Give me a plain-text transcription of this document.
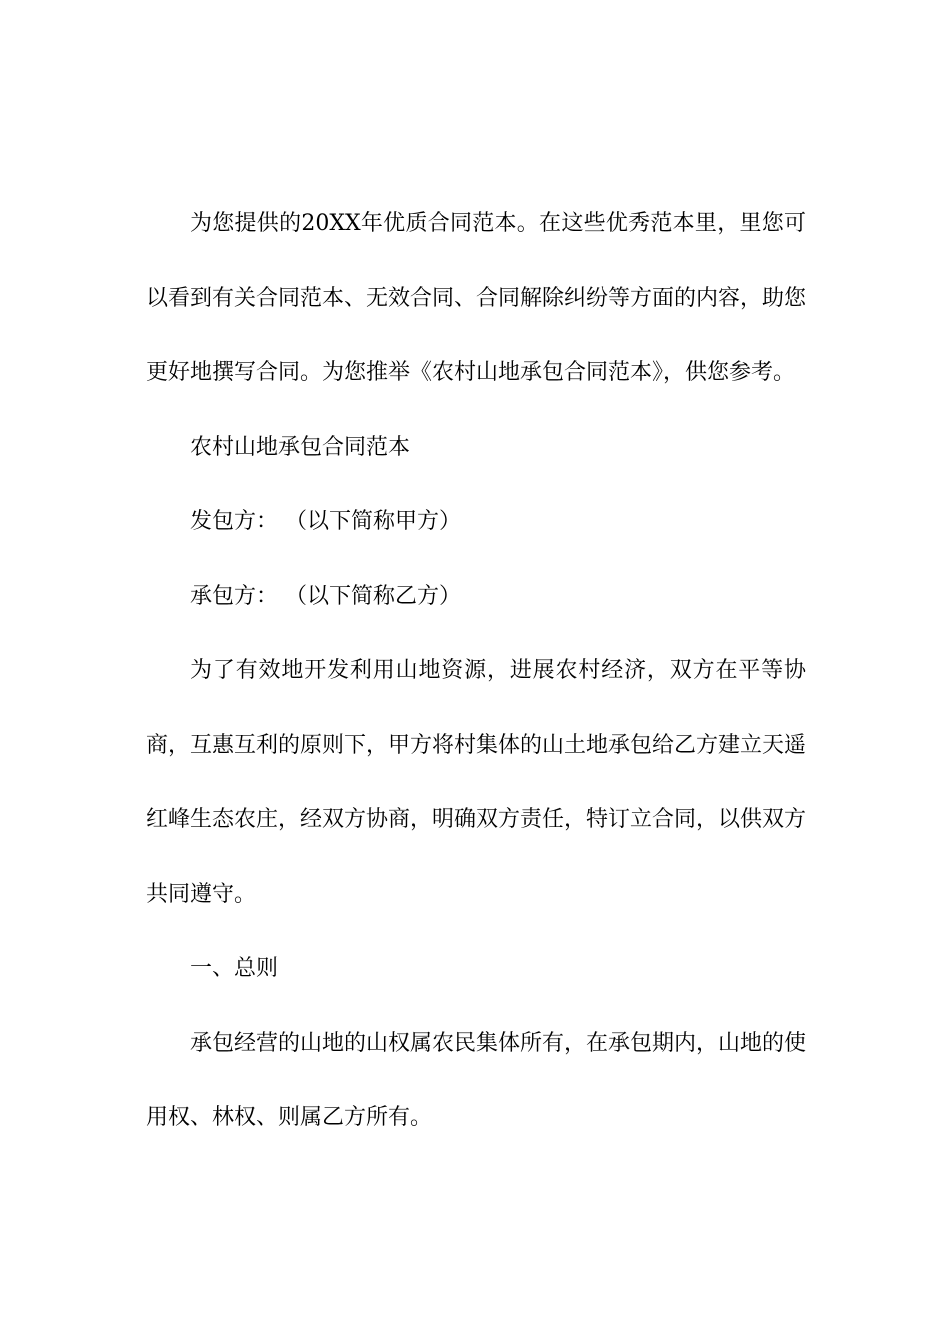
为您提供的20XX年优质合同范本。在这些优秀范本里，里您可以看到有关合同范本、无效合同、合同解除纠纷等方面的内容，助您更好地撰写合同。为您推举《农村山地承包合同范本》，供您参考。

农村山地承包合同范本

发包方： （以下简称甲方）

承包方： （以下简称乙方）

为了有效地开发利用山地资源，进展农村经济，双方在平等协商，互惠互利的原则下，甲方将村集体的山土地承包给乙方建立天遥红峰生态农庄，经双方协商，明确双方责任，特订立合同，以供双方共同遵守。

一、总则

承包经营的山地的山权属农民集体所有，在承包期内，山地的使用权、林权、则属乙方所有。
